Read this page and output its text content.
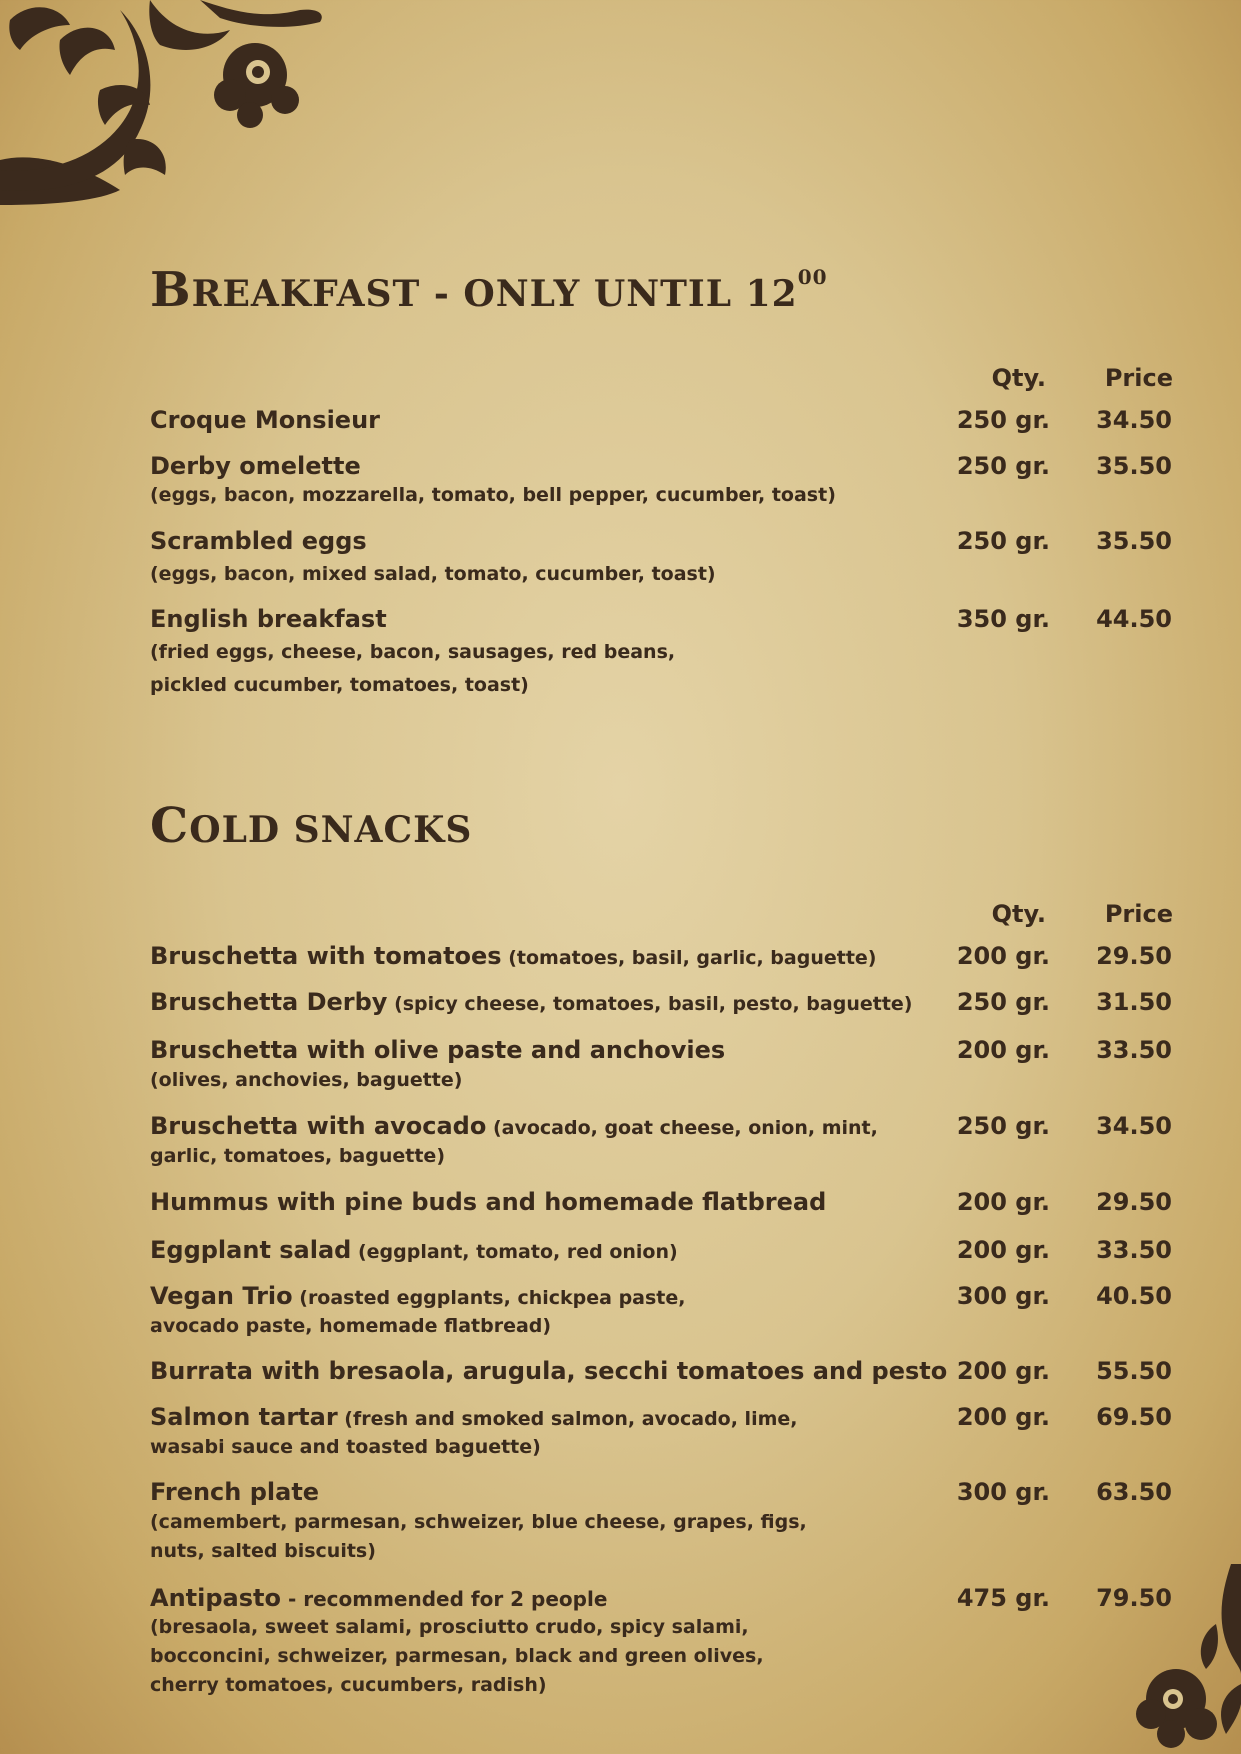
BREAKFAST - ONLY UNTIL $12^{00}$
Qty. Price
Croque Monsieur	250 gr.	34.50
Derby omelette
(eggs, bacon, mozzarella, tomato, bell pepper, cucumber, toast)
250 gr.	35.50
Scrambled eggs
(eggs, bacon, mixed salad, tomato, cucumber, toast)
250 gr.	35.50
English breakfast
(fried eggs, cheese, bacon, sausages, red beans,
pickled cucumber, tomatoes, toast)
350 gr.	44.50
COLD SNACKS
Qty. Price
Bruschetta with tomatoes (tomatoes, basil, garlic, baguette)	200 gr.	29.50
Bruschetta Derby (spicy cheese, tomatoes, basil, pesto, baguette)	250 gr.	31.50
Bruschetta with olive paste and anchovies
(olives, anchovies, baguette)
200 gr.	33.50
Bruschetta with avocado (avocado, goat cheese, onion, mint,
garlic, tomatoes, baguette)
250 gr.	34.50
Hummus with pine buds and homemade flatbread	200 gr.	29.50
Eggplant salad (eggplant, tomato, red onion)	200 gr.	33.50
Vegan Trio (roasted eggplants, chickpea paste,
avocado paste, homemade flatbread)
300 gr.	40.50
Burrata with bresaola, arugula, secchi tomatoes and pesto 200 gr.	55.50
Salmon tartar (fresh and smoked salmon, avocado, lime,
wasabi sauce and toasted baguette)
200 gr.	69.50
French plate
(camembert, parmesan, schweizer, blue cheese, grapes, figs,
nuts, salted biscuits)
300 gr.	63.50
Antipasto - recommended for 2 people
(bresaola, sweet salami, prosciutto crudo, spicy salami,
bocconcini, schweizer, parmesan, black and green olives,
cherry tomatoes, cucumbers, radish)
475 gr.	79.50
